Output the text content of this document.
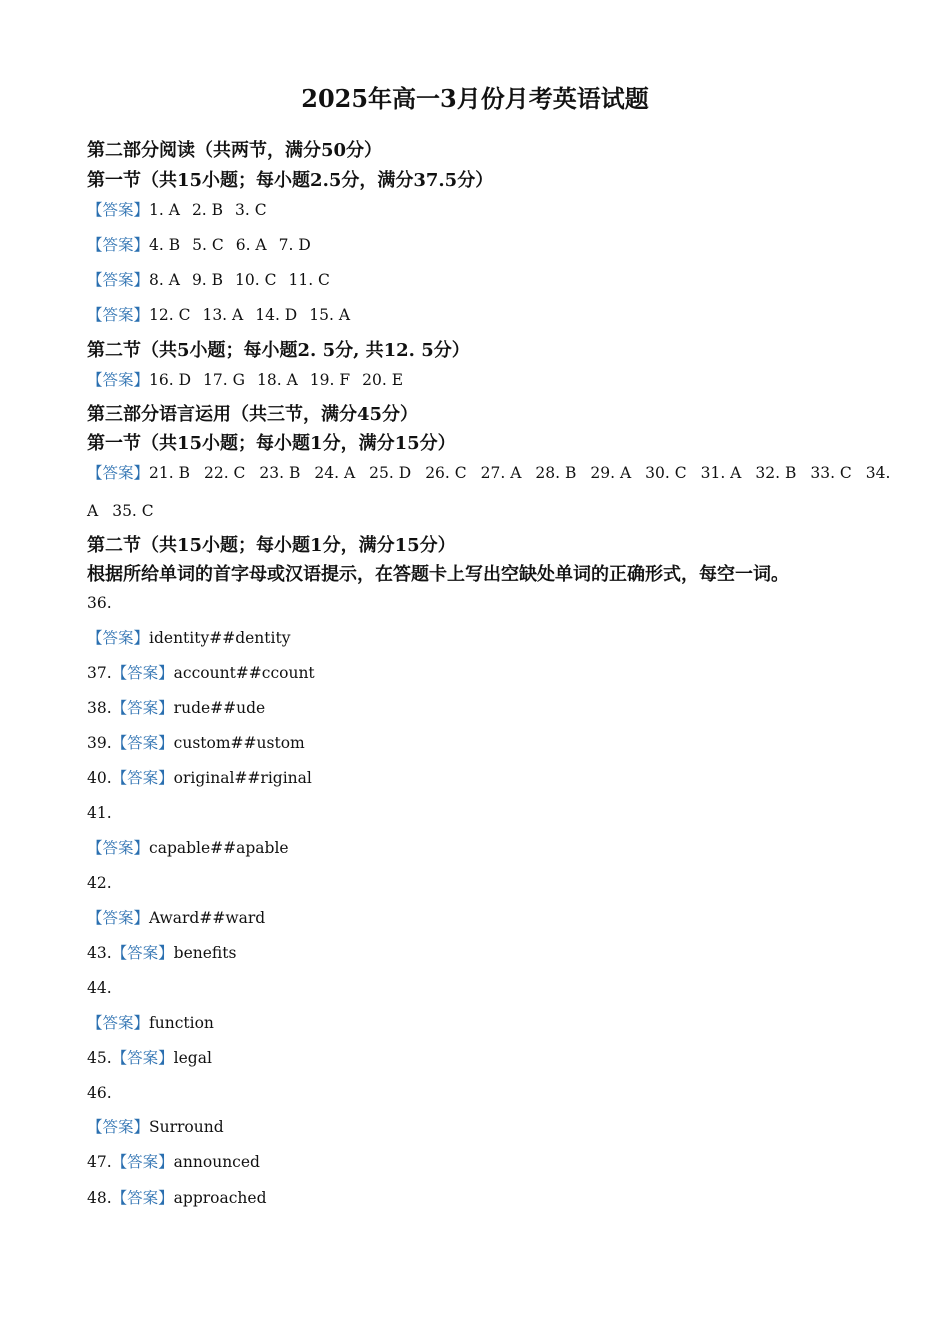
2025年高一3月份月考英语试题
第二部分阅读（共两节，满分50分）
第一节（共15小题；每小题2.5分，满分37.5分）
【答案】1. A 2. B 3. C
【答案】4. B 5. C 6. A 7. D
【答案】8. A 9. B 10. C 11. C
【答案】12. C 13. A 14. D 15. A
第二节（共5小题；每小题2. 5分, 共12. 5分）
【答案】16. D 17. G 18. A 19. F 20. E
第三部分语言运用（共三节，满分45分）
第一节（共15小题；每小题1分，满分15分）
【答案】21. B 22. C 23. B 24. A 25. D 26. C 27. A 28. B 29. A 30. C 31. A 32. B 33. C 34.
A 35. C
第二节（共15小题；每小题1分，满分15分）
根据所给单词的首字母或汉语提示，在答题卡上写出空缺处单词的正确形式，每空一词。
36.
【答案】identity##dentity
37.【答案】account##ccount
38.【答案】rude##ude
39.【答案】custom##ustom
40.【答案】original##riginal
41.
【答案】capable##apable
42.
【答案】Award##ward
43.【答案】benefits
44.
【答案】function
45.【答案】legal
46.
【答案】Surround
47.【答案】announced
48.【答案】approached
